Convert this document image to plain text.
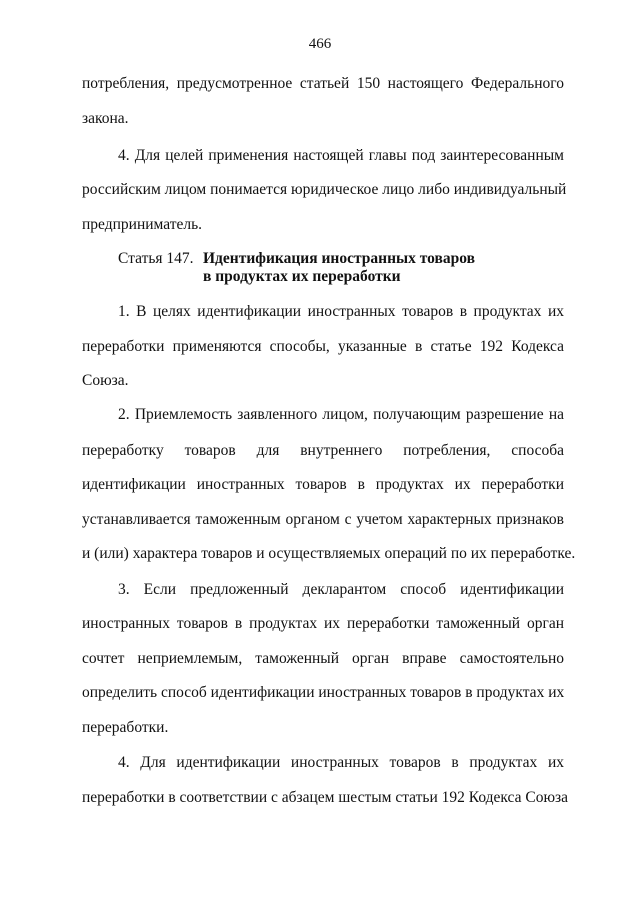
466
потребления, предусмотренное статьей 150 настоящего Федерального
закона.
4. Для целей применения настоящей главы под заинтересованным
российским лицом понимается юридическое лицо либо индивидуальный
предприниматель.
Статья 147. Идентификация иностранных товаров
в продуктах их переработки
1. В целях идентификации иностранных товаров в продуктах их
переработки применяются способы, указанные в статье 192 Кодекса
Союза.
2. Приемлемость заявленного лицом, получающим разрешение на
переработку товаров для внутреннего потребления, способа
идентификации иностранных товаров в продуктах их переработки
устанавливается таможенным органом с учетом характерных признаков
и (или) характера товаров и осуществляемых операций по их переработке.
3. Если предложенный декларантом способ идентификации
иностранных товаров в продуктах их переработки таможенный орган
сочтет неприемлемым, таможенный орган вправе самостоятельно
определить способ идентификации иностранных товаров в продуктах их
переработки.
4. Для идентификации иностранных товаров в продуктах их
переработки в соответствии с абзацем шестым статьи 192 Кодекса Союза
